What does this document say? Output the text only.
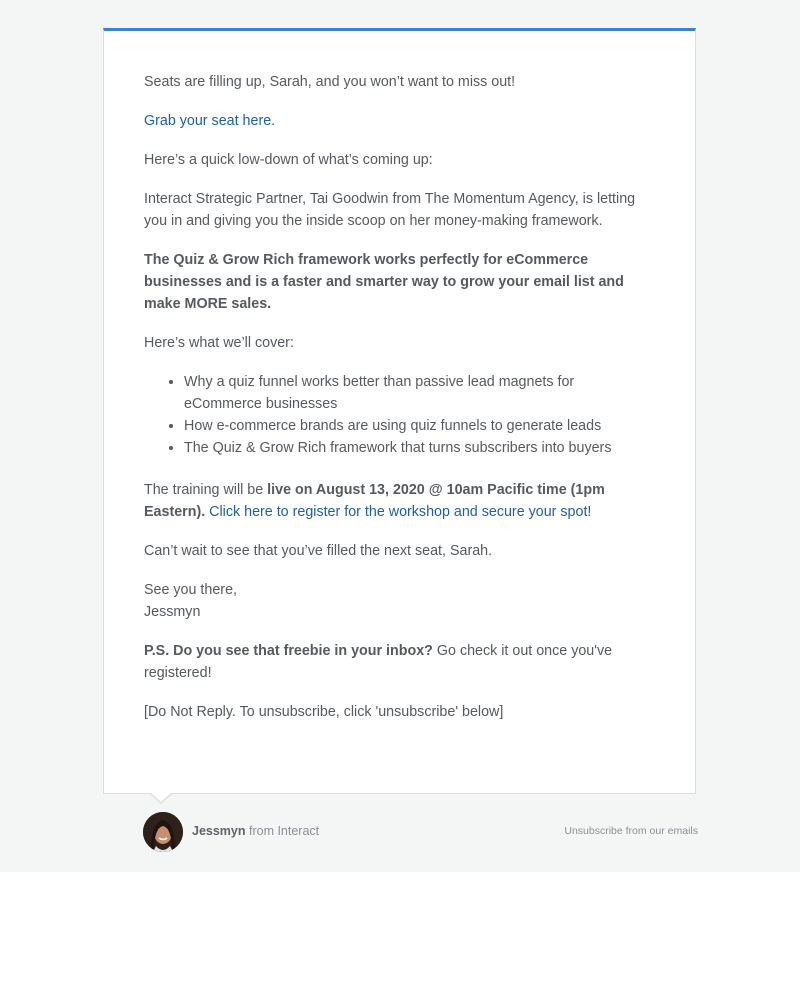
Seats are filling up, Sarah, and you won’t want to miss out!

Grab your seat here.

Here’s a quick low-down of what’s coming up:

Interact Strategic Partner, Tai Goodwin from The Momentum Agency, is letting you in and giving you the inside scoop on her money-making framework.

The Quiz & Grow Rich framework works perfectly for eCommerce businesses and is a faster and smarter way to grow your email list and make MORE sales.

Here’s what we’ll cover:

• Why a quiz funnel works better than passive lead magnets for eCommerce businesses
• How e-commerce brands are using quiz funnels to generate leads
• The Quiz & Grow Rich framework that turns subscribers into buyers

The training will be live on August 13, 2020 @ 10am Pacific time (1pm Eastern). Click here to register for the workshop and secure your spot!

Can’t wait to see that you’ve filled the next seat, Sarah.

See you there,
Jessmyn

P.S. Do you see that freebie in your inbox? Go check it out once you've registered!

[Do Not Reply. To unsubscribe, click 'unsubscribe' below]

Jessmyn from Interact	Unsubscribe from our emails
